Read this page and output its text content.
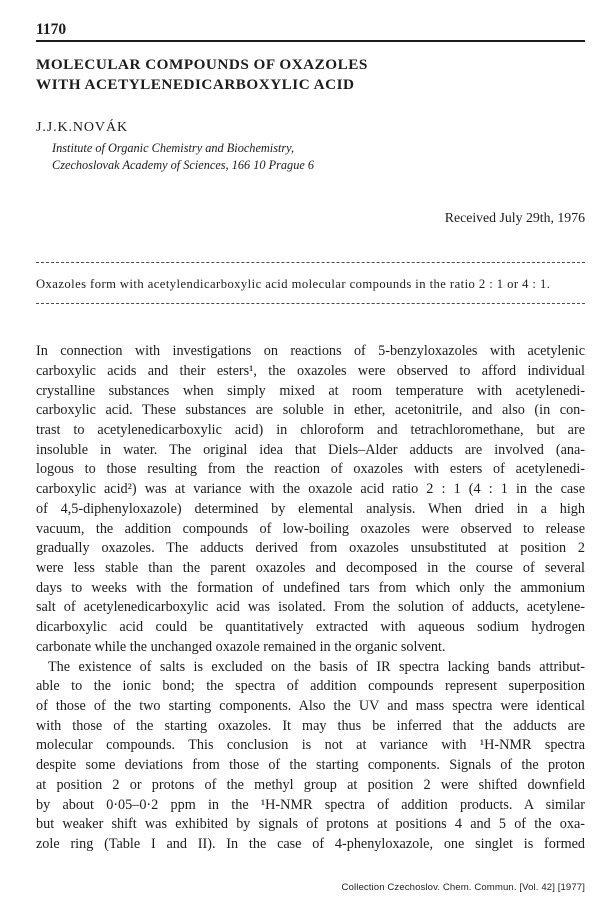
1170
MOLECULAR COMPOUNDS OF OXAZOLES
WITH ACETYLENEDICARBOXYLIC ACID
J.J.K.NOVÁK
Institute of Organic Chemistry and Biochemistry,
Czechoslovak Academy of Sciences, 166 10 Prague 6
Received July 29th, 1976
Oxazoles form with acetylendicarboxylic acid molecular compounds in the ratio 2 : 1 or 4 : 1.
In connection with investigations on reactions of 5-benzyloxazoles with acetylenic
carboxylic acids and their esters¹, the oxazoles were observed to afford individual
crystalline substances when simply mixed at room temperature with acetylenedi-
carboxylic acid. These substances are soluble in ether, acetonitrile, and also (in con-
trast to acetylenedicarboxylic acid) in chloroform and tetrachloromethane, but are
insoluble in water. The original idea that Diels–Alder adducts are involved (ana-
logous to those resulting from the reaction of oxazoles with esters of acetylenedi-
carboxylic acid²) was at variance with the oxazole acid ratio 2 : 1 (4 : 1 in the case
of 4,5-diphenyloxazole) determined by elemental analysis. When dried in a high
vacuum, the addition compounds of low-boiling oxazoles were observed to release
gradually oxazoles. The adducts derived from oxazoles unsubstituted at position 2
were less stable than the parent oxazoles and decomposed in the course of several
days to weeks with the formation of undefined tars from which only the ammonium
salt of acetylenedicarboxylic acid was isolated. From the solution of adducts, acetylene-
dicarboxylic acid could be quantitatively extracted with aqueous sodium hydrogen
carbonate while the unchanged oxazole remained in the organic solvent.
The existence of salts is excluded on the basis of IR spectra lacking bands attribut-
able to the ionic bond; the spectra of addition compounds represent superposition
of those of the two starting components. Also the UV and mass spectra were identical
with those of the starting oxazoles. It may thus be inferred that the adducts are
molecular compounds. This conclusion is not at variance with ¹H-NMR spectra
despite some deviations from those of the starting components. Signals of the proton
at position 2 or protons of the methyl group at position 2 were shifted downfield
by about 0·05–0·2 ppm in the ¹H-NMR spectra of addition products. A similar
but weaker shift was exhibited by signals of protons at positions 4 and 5 of the oxa-
zole ring (Table I and II). In the case of 4-phenyloxazole, one singlet is formed
Collection Czechoslov. Chem. Commun. [Vol. 42] [1977]
